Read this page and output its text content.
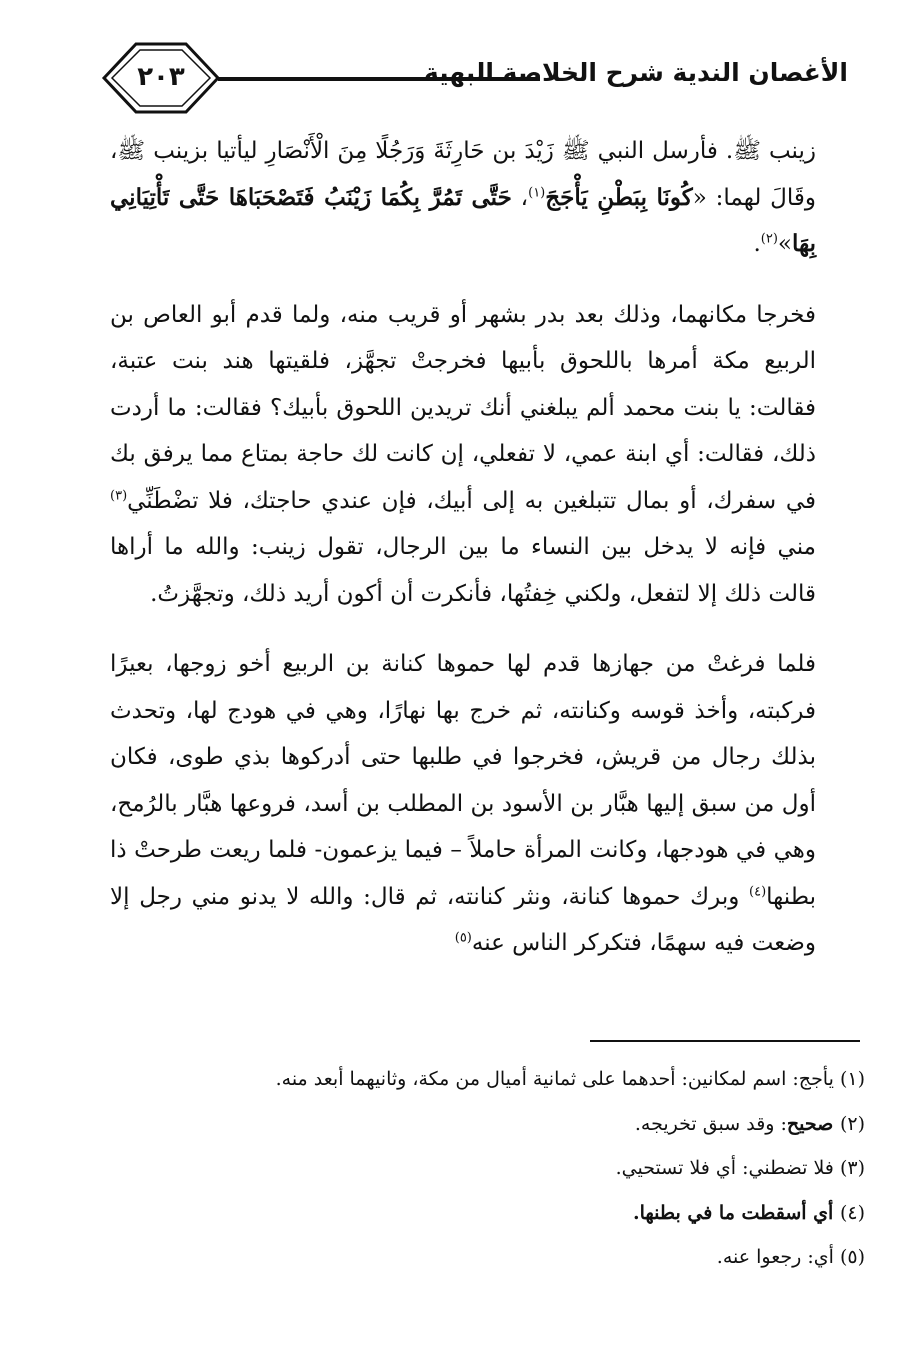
٢٠٣	الأغصان الندية شرح الخلاصة البهية

زينب ﷺ. فأرسل النبي ﷺ زَيْدَ بن حَارِثَةَ وَرَجُلًا مِنَ الْأَنْصَارِ ليأتيا بزينب ﷺ، وقَالَ لهما: «كُونَا بِبَطْنِ يَأْجَجَ$^{(١)}$، حَتَّى تَمُرَّ بِكُمَا زَيْنَبُ فَتَصْحَبَاهَا حَتَّى تَأْتِيَانِي بِهَا»$^{(٢)}$.

فخرجا مكانهما، وذلك بعد بدر بشهر أو قريب منه، ولما قدم أبو العاص بن الربيع مكة أمرها باللحوق بأبيها فخرجتْ تجهَّز، فلقيتها هند بنت عتبة، فقالت: يا بنت محمد ألم يبلغني أنك تريدين اللحوق بأبيك؟ فقالت: ما أردت ذلك، فقالت: أي ابنة عمي، لا تفعلي، إن كانت لك حاجة بمتاع مما يرفق بك في سفرك، أو بمال تتبلغين به إلى أبيك، فإن عندي حاجتك، فلا تضْطَنِّي$^{(٣)}$ مني فإنه لا يدخل بين النساء ما بين الرجال، تقول زينب: والله ما أراها قالت ذلك إلا لتفعل، ولكني خِفتُها، فأنكرت أن أكون أريد ذلك، وتجهَّزتُ.

فلما فرغتْ من جهازها قدم لها حموها كنانة بن الربيع أخو زوجها، بعيرًا فركبته، وأخذ قوسه وكنانته، ثم خرج بها نهارًا، وهي في هودج لها، وتحدث بذلك رجال من قريش، فخرجوا في طلبها حتى أدركوها بذي طوى، فكان أول من سبق إليها هبَّار بن الأسود بن المطلب بن أسد، فروعها هبَّار بالرُمح، وهي في هودجها، وكانت المرأة حاملاً – فيما يزعمون- فلما ريعت طرحتْ ذا بطنها$^{(٤)}$ وبرك حموها كنانة، ونثر كنانته، ثم قال: والله لا يدنو مني رجل إلا وضعت فيه سهمًا، فتكركر الناس عنه$^{(٥)}$

(١) يأجج: اسم لمكانين: أحدهما على ثمانية أميال من مكة، وثانيهما أبعد منه.

(٢) صحيح: وقد سبق تخريجه.

(٣) فلا تضطني: أي فلا تستحيي.

(٤) أي أسقطت ما في بطنها.

(٥) أي: رجعوا عنه.
